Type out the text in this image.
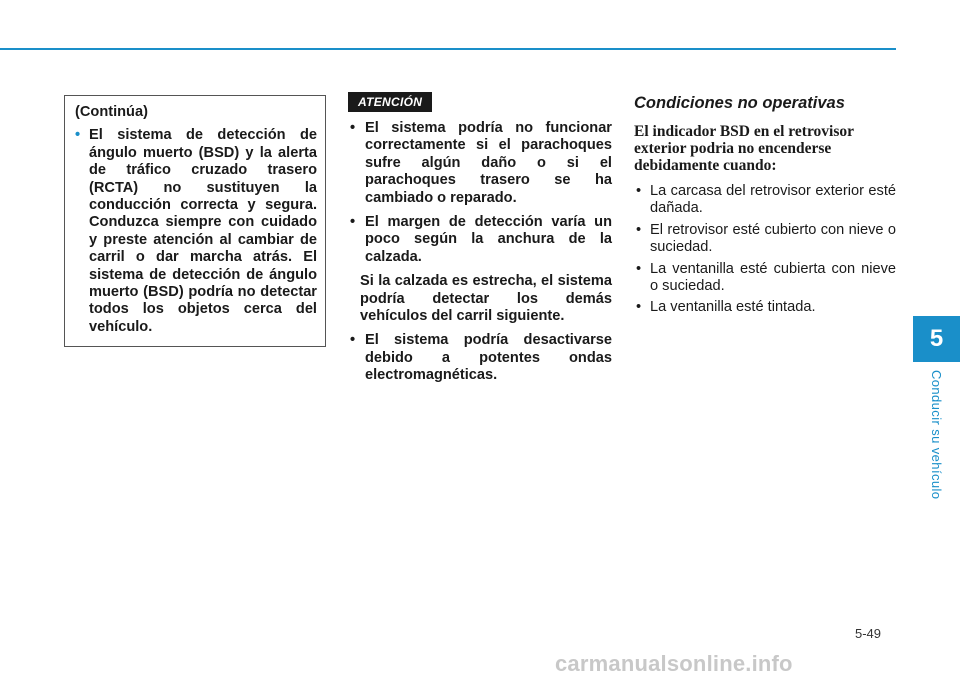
(Continúa)
• El sistema de detección de ángulo muerto (BSD) y la alerta de tráfico cruzado trasero (RCTA) no sustituyen la conducción correcta y segura. Conduzca siempre con cuidado y preste atención al cambiar de carril o dar marcha atrás. El sistema de detección de ángulo muerto (BSD) podría no detectar todos los objetos cerca del vehículo.
ATENCIÓN
• El sistema podría no funcionar correctamente si el parachoques sufre algún daño o si el parachoques trasero se ha cambiado o reparado.
• El margen de detección varía un poco según la anchura de la calzada.
Si la calzada es estrecha, el sistema podría detectar los demás vehículos del carril siguiente.
• El sistema podría desactivarse debido a potentes ondas electromagnéticas.
Condiciones no operativas
El indicador BSD en el retrovisor exterior podria no encenderse debidamente cuando:
• La carcasa del retrovisor exterior esté dañada.
• El retrovisor esté cubierto con nieve o suciedad.
• La ventanilla esté cubierta con nieve o suciedad.
• La ventanilla esté tintada.
5
Conducir su vehículo
5-49
carmanualsonline.info
